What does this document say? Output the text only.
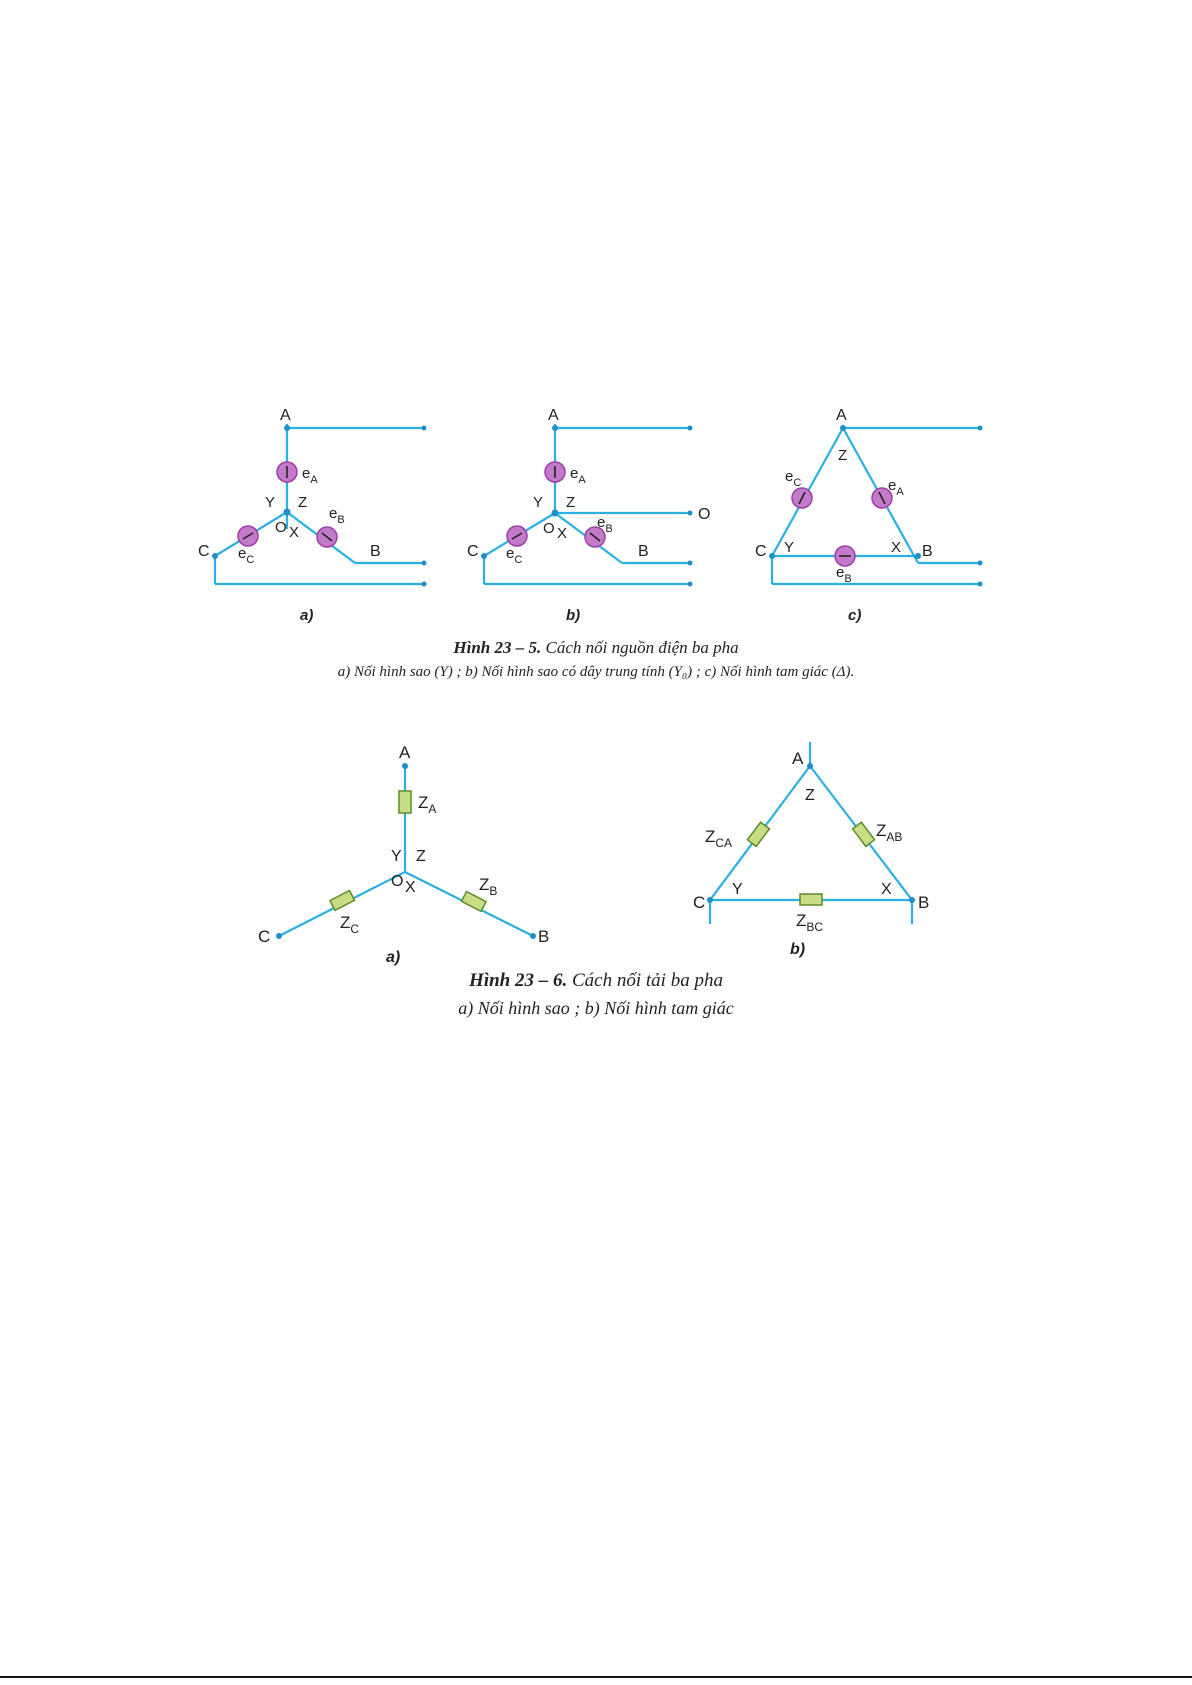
A
$e_A$
Y Z
O X
$e_B$
$e_C$
C	B
a)
A
$e_A$
Y Z
O X
$e_B$
$e_C$
C	B
O
b)
A
Z
$e_C$	$e_A$
C Y	X B
$e_B$
c)
A
$Z_A$
Y Z
O X	$Z_B$
$Z_C$
C	B
a)
A
Z
$Z_{CA}$
$Z_{AB}$
C
Y	X
B
$Z_{BC}$
b)
Hình 23 – 5. Cách nối nguồn điện ba pha
a) Nối hình sao (Y) ; b) Nối hình sao có dây trung tính (Y₀) ; c) Nối hình tam giác (Δ).
Hình 23 – 6. Cách nối tải ba pha
a) Nối hình sao ; b) Nối hình tam giác
